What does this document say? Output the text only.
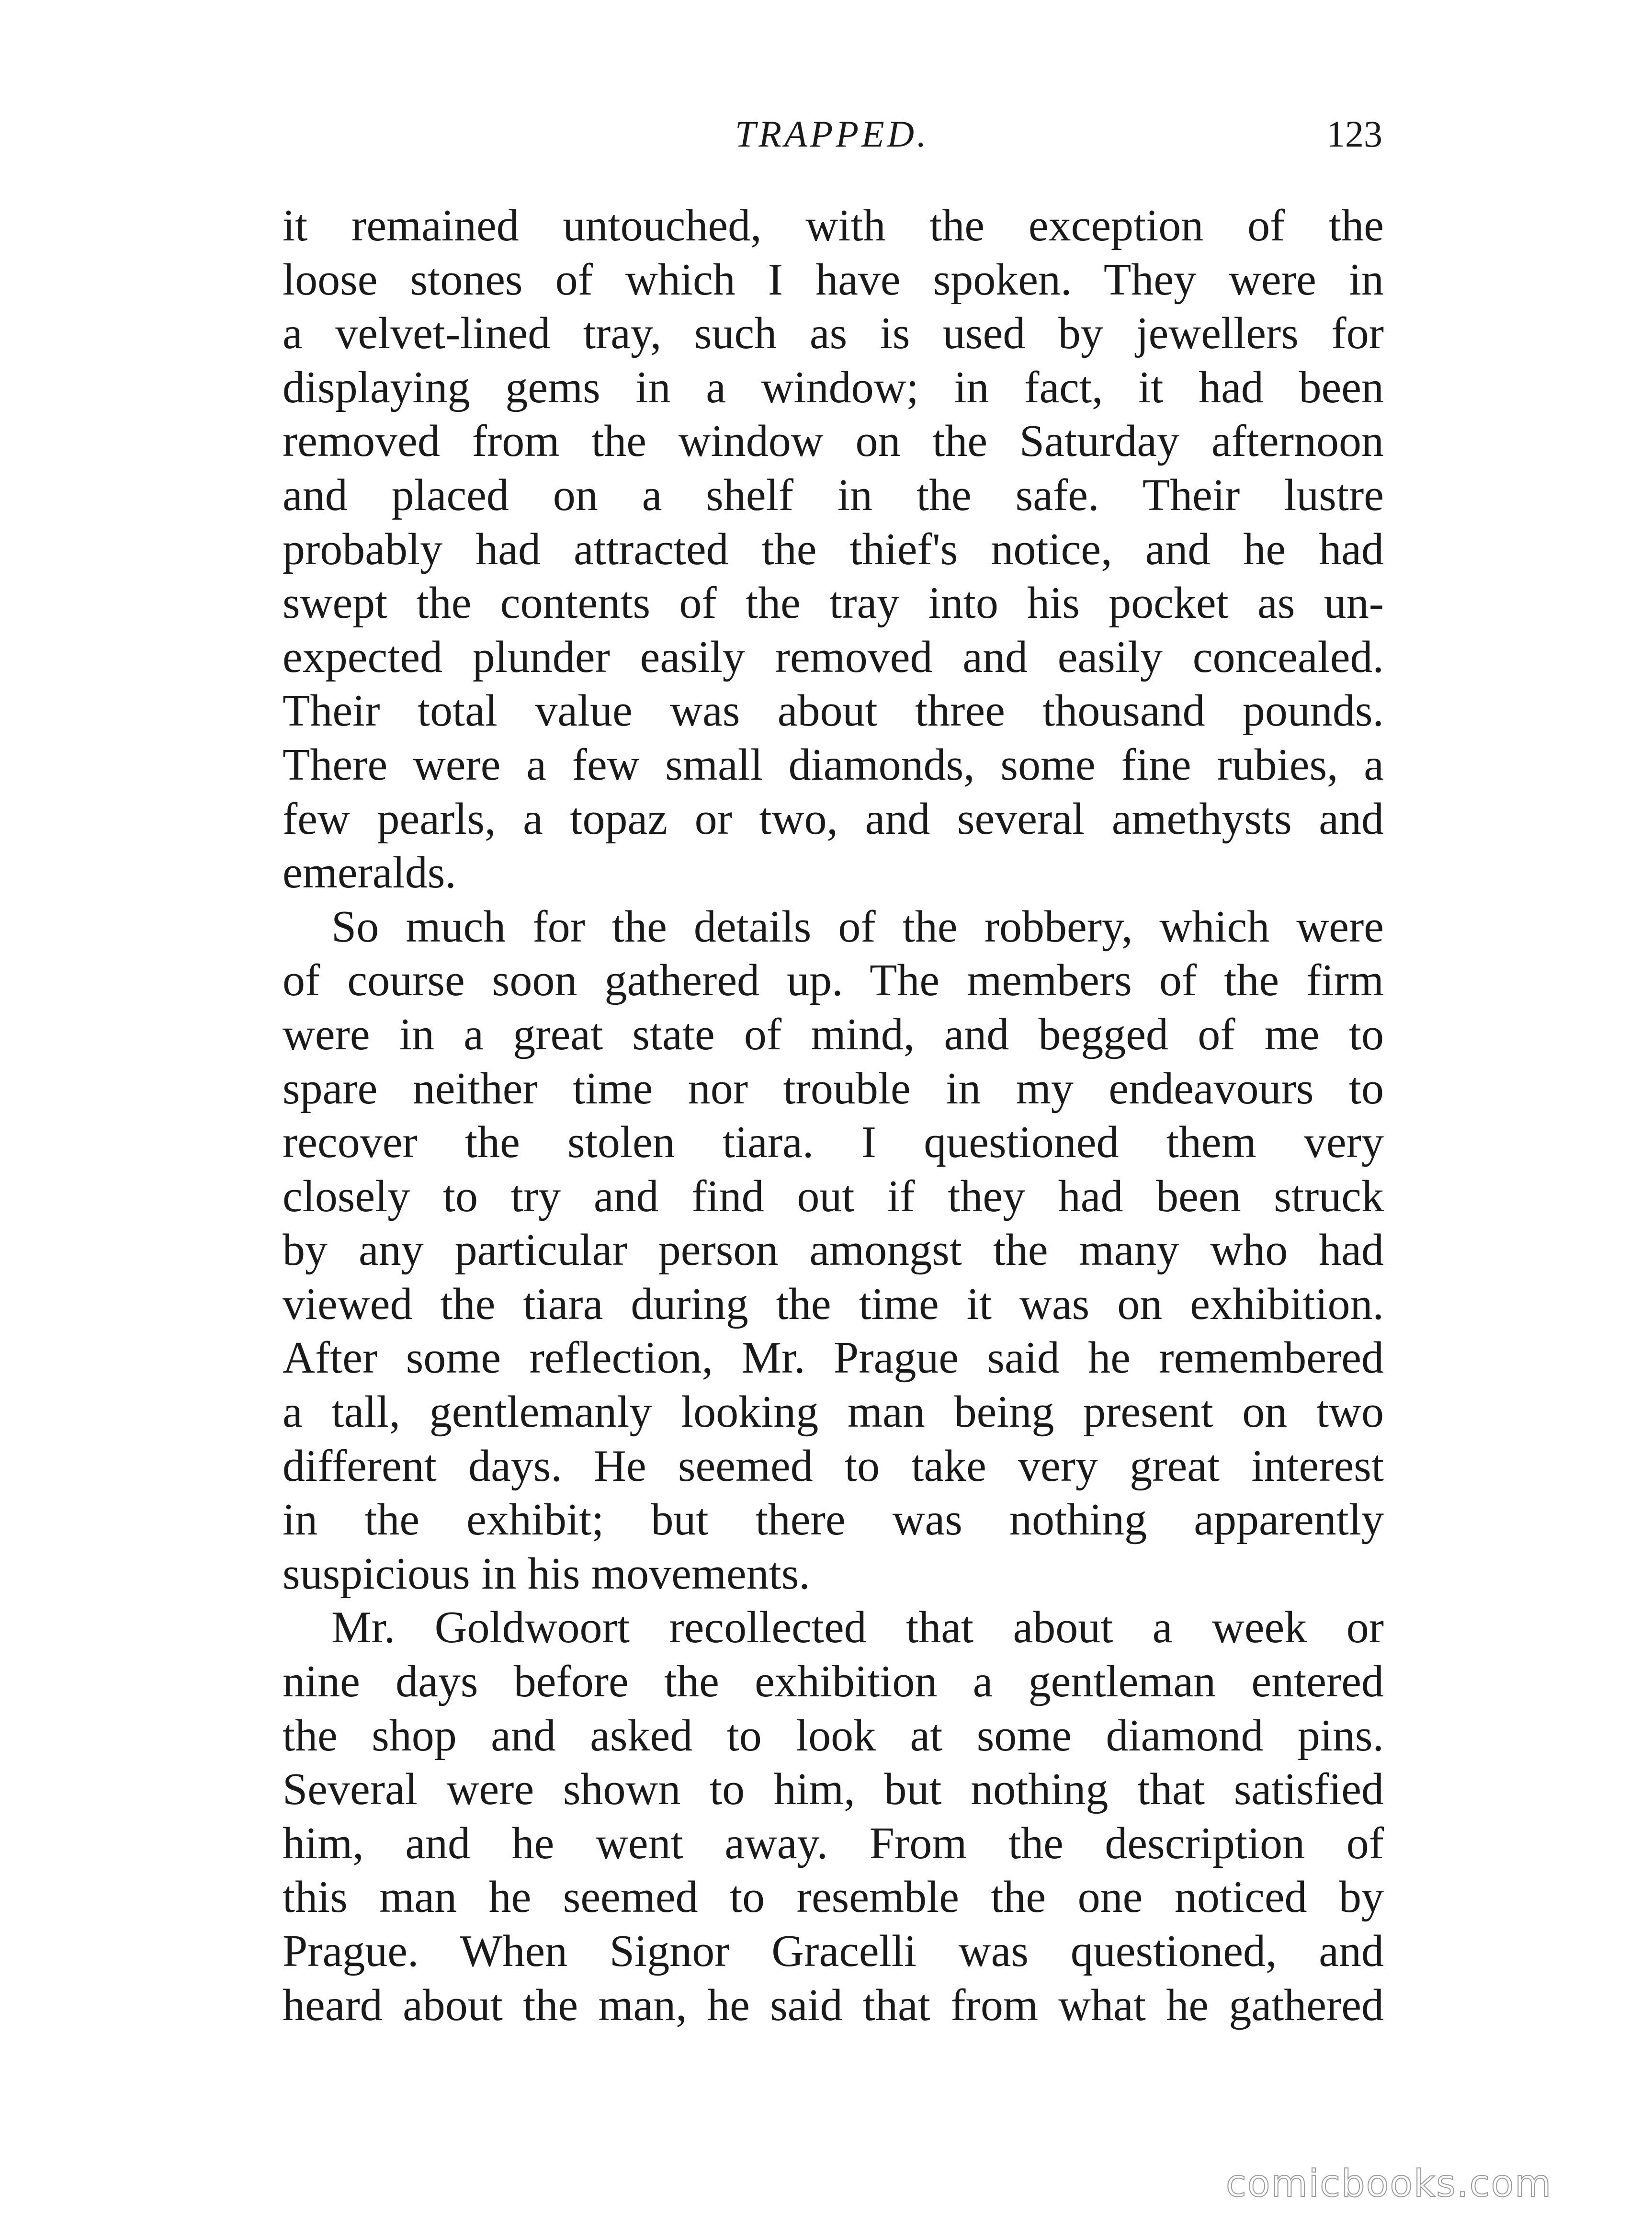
TRAPPED.	123
it remained untouched, with the exception of the
loose stones of which I have spoken. They were in
a velvet-lined tray, such as is used by jewellers for
displaying gems in a window; in fact, it had been
removed from the window on the Saturday afternoon
and placed on a shelf in the safe. Their lustre
probably had attracted the thief's notice, and he had
swept the contents of the tray into his pocket as un-
expected plunder easily removed and easily concealed.
Their total value was about three thousand pounds.
There were a few small diamonds, some fine rubies, a
few pearls, a topaz or two, and several amethysts and
emeralds.
So much for the details of the robbery, which were
of course soon gathered up. The members of the firm
were in a great state of mind, and begged of me to
spare neither time nor trouble in my endeavours to
recover the stolen tiara. I questioned them very
closely to try and find out if they had been struck
by any particular person amongst the many who had
viewed the tiara during the time it was on exhibition.
After some reflection, Mr. Prague said he remembered
a tall, gentlemanly looking man being present on two
different days. He seemed to take very great interest
in the exhibit; but there was nothing apparently
suspicious in his movements.
Mr. Goldwoort recollected that about a week or
nine days before the exhibition a gentleman entered
the shop and asked to look at some diamond pins.
Several were shown to him, but nothing that satisfied
him, and he went away. From the description of
this man he seemed to resemble the one noticed by
Prague. When Signor Gracelli was questioned, and
heard about the man, he said that from what he gathered
comicbooks.com
